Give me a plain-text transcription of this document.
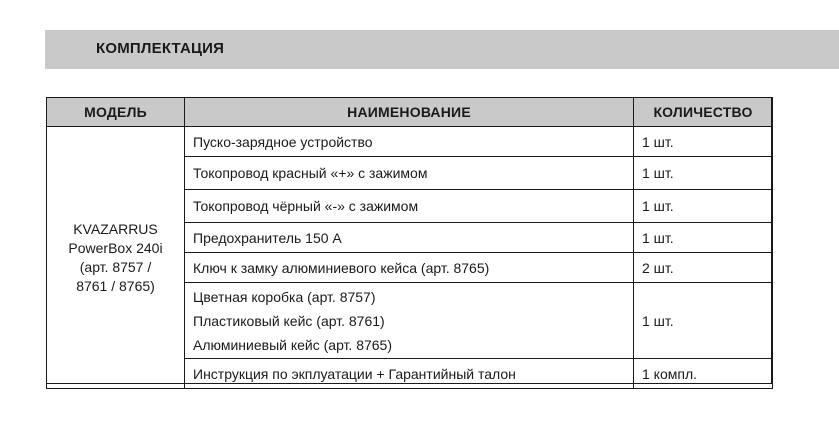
КОМПЛЕКТАЦИЯ
МОДЕЛЬ	НАИМЕНОВАНИЕ	КОЛИЧЕСТВО

KVAZARRUS
PowerBox 240i
(арт. 8757 /
8761 / 8765)	Пуско-зарядное устройство	1 шт.
	Токопровод красный «+» с зажимом	1 шт.
	Токопровод чёрный «-» с зажимом	1 шт.
	Предохранитель 150 А	1 шт.
	Ключ к замку алюминиевого кейса (арт. 8765)	2 шт.

	Цветная коробка (арт. 8757)
Пластиковый кейс (арт. 8761)
Алюминиевый кейс (арт. 8765)	1 шт.
	Инструкция по экплуатации + Гарантийный талон	1 компл.
